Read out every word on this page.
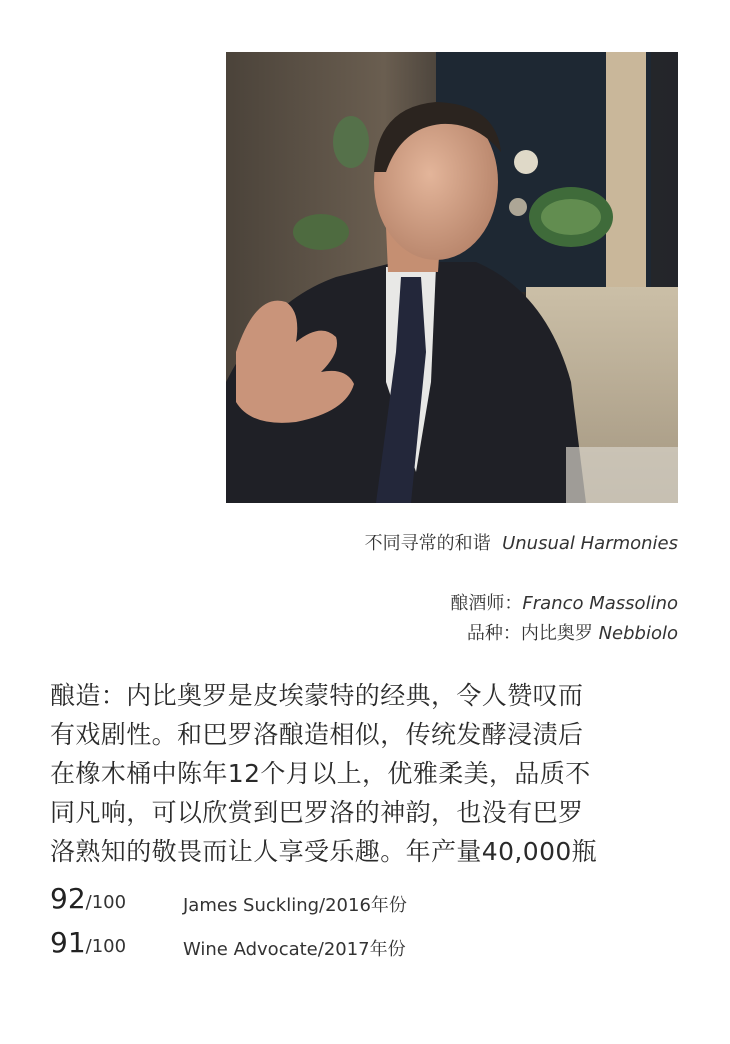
不同寻常的和谐 Unusual Harmonies
酿酒师：Franco Massolino
品种：内比奥罗 Nebbiolo
酿造：内比奥罗是皮埃蒙特的经典，令人赞叹而
有戏剧性。和巴罗洛酿造相似，传统发酵浸渍后
在橡木桶中陈年12个月以上，优雅柔美，品质不
同凡响，可以欣赏到巴罗洛的神韵，也没有巴罗
洛熟知的敬畏而让人享受乐趣。年产量40,000瓶
92/100	James Suckling/2016年份
91/100	Wine Advocate/2017年份
